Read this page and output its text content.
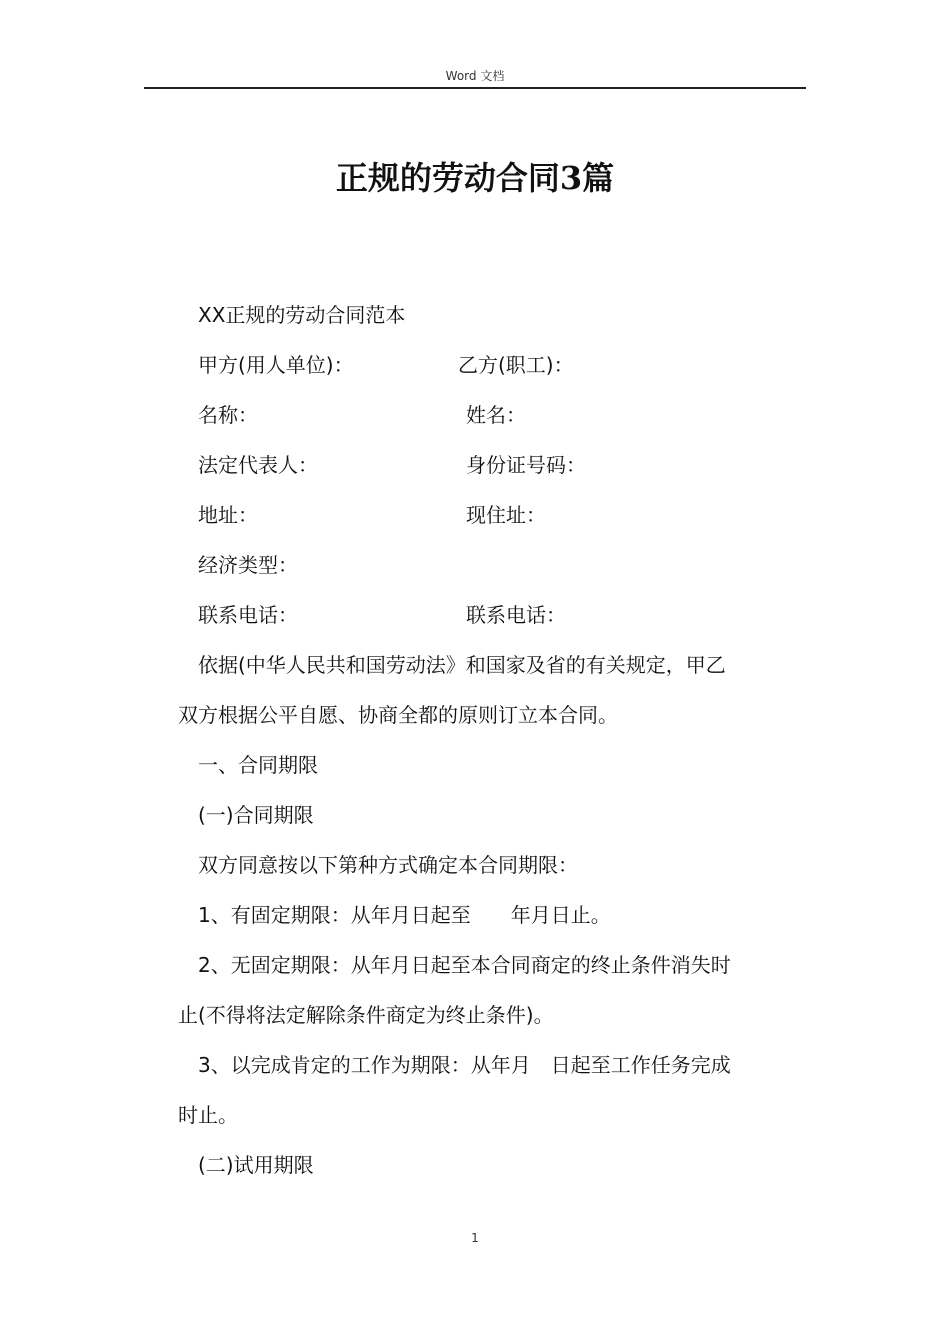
Word 文档
正规的劳动合同3篇
XX正规的劳动合同范本
甲方(用人单位)：	乙方(职工)：
名称：	姓名：
法定代表人：	身份证号码：
地址：	现住址：
经济类型：
联系电话：	联系电话：
依据(中华人民共和国劳动法》和国家及省的有关规定，甲乙
双方根据公平自愿、协商全都的原则订立本合同。
一、合同期限
(一)合同期限
双方同意按以下第种方式确定本合同期限：
1、有固定期限：从年月日起至　　年月日止。
2、无固定期限：从年月日起至本合同商定的终止条件消失时
止(不得将法定解除条件商定为终止条件)。
3、以完成肯定的工作为期限：从年月　日起至工作任务完成
时止。
(二)试用期限
1
